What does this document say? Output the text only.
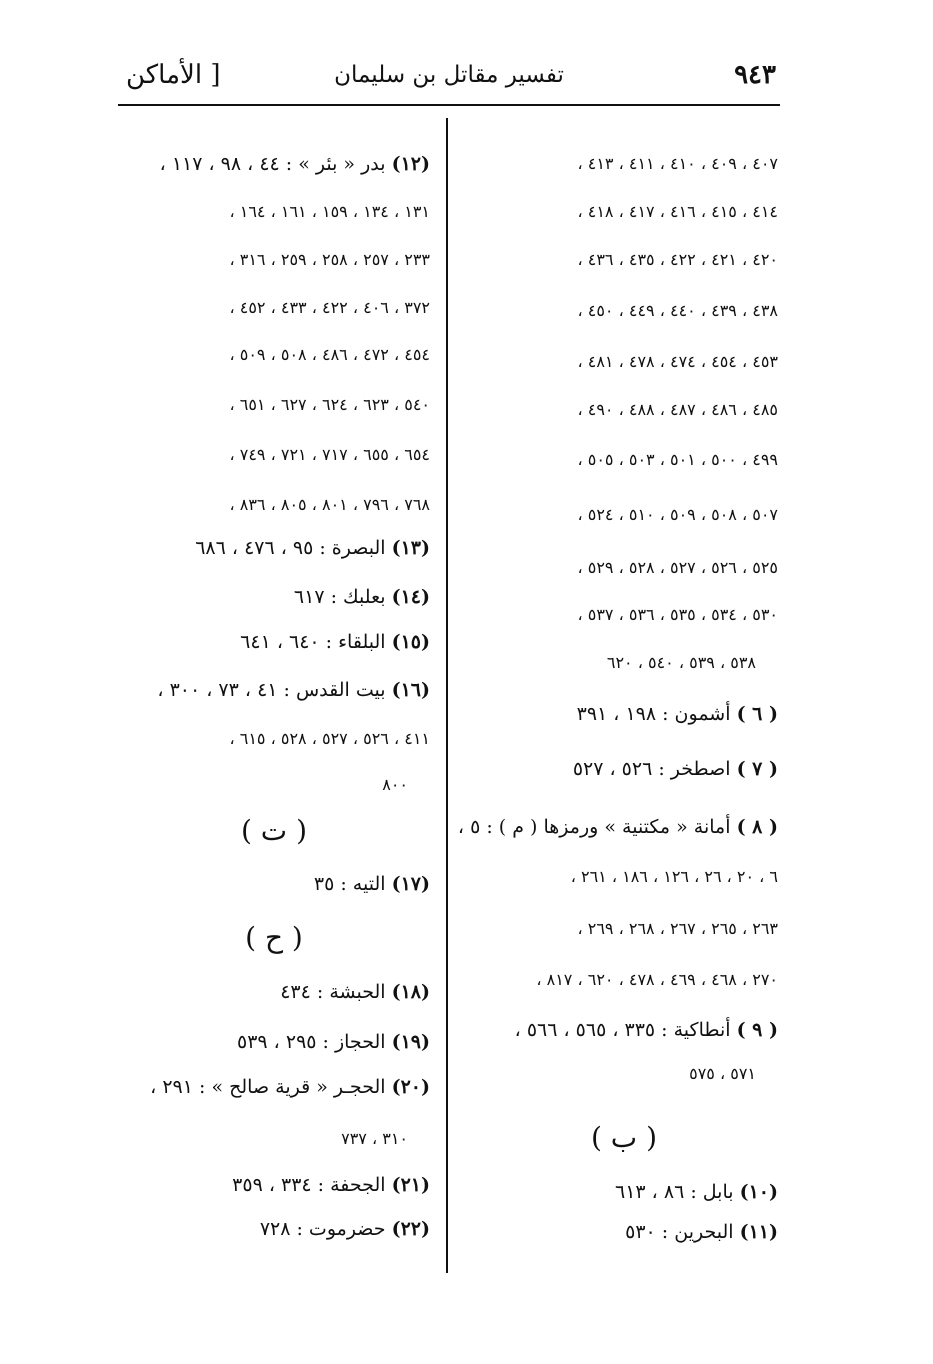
٩٤٣
تفسير مقاتل بن سليمان
[ الأماكن
٤٠٧ ، ٤٠٩ ، ٤١٠ ، ٤١١ ، ٤١٣ ،
٤١٤ ، ٤١٥ ، ٤١٦ ، ٤١٧ ، ٤١٨ ،
٤٢٠ ، ٤٢١ ، ٤٢٢ ، ٤٣٥ ، ٤٣٦ ،
٤٣٨ ، ٤٣٩ ، ٤٤٠ ، ٤٤٩ ، ٤٥٠ ،
٤٥٣ ، ٤٥٤ ، ٤٧٤ ، ٤٧٨ ، ٤٨١ ،
٤٨٥ ، ٤٨٦ ، ٤٨٧ ، ٤٨٨ ، ٤٩٠ ،
٤٩٩ ، ٥٠٠ ، ٥٠١ ، ٥٠٣ ، ٥٠٥ ،
٥٠٧ ، ٥٠٨ ، ٥٠٩ ، ٥١٠ ، ٥٢٤ ،
٥٢٥ ، ٥٢٦ ، ٥٢٧ ، ٥٢٨ ، ٥٢٩ ،
٥٣٠ ، ٥٣٤ ، ٥٣٥ ، ٥٣٦ ، ٥٣٧ ،
٥٣٨ ، ٥٣٩ ، ٥٤٠ ، ٦٢٠
( ٦ ) أشمون : ١٩٨ ، ٣٩١
( ٧ ) اصطخر : ٥٢٦ ، ٥٢٧
( ٨ ) أمانة « مكتنية » ورمزها ( م ) : ٥ ،
٦ ، ٢٠ ، ٢٦ ، ١٢٦ ، ١٨٦ ، ٢٦١ ،
٢٦٣ ، ٢٦٥ ، ٢٦٧ ، ٢٦٨ ، ٢٦٩ ،
٢٧٠ ، ٤٦٨ ، ٤٦٩ ، ٤٧٨ ، ٦٢٠ ، ٨١٧ ،
( ٩ ) أنطاكية : ٣٣٥ ، ٥٦٥ ، ٥٦٦ ،
٥٧١ ، ٥٧٥
( ب )
(١٠) بابل : ٨٦ ، ٦١٣
(١١) البحرين : ٥٣٠
(١٢) بدر « بئر » : ٤٤ ، ٩٨ ، ١١٧ ،
١٣١ ، ١٣٤ ، ١٥٩ ، ١٦١ ، ١٦٤ ،
٢٣٣ ، ٢٥٧ ، ٢٥٨ ، ٢٥٩ ، ٣١٦ ،
٣٧٢ ، ٤٠٦ ، ٤٢٢ ، ٤٣٣ ، ٤٥٢ ،
٤٥٤ ، ٤٧٢ ، ٤٨٦ ، ٥٠٨ ، ٥٠٩ ،
٥٤٠ ، ٦٢٣ ، ٦٢٤ ، ٦٢٧ ، ٦٥١ ،
٦٥٤ ، ٦٥٥ ، ٧١٧ ، ٧٢١ ، ٧٤٩ ،
٧٦٨ ، ٧٩٦ ، ٨٠١ ، ٨٠٥ ، ٨٣٦ ،
(١٣) البصرة : ٩٥ ، ٤٧٦ ، ٦٨٦
(١٤) بعلبك : ٦١٧
(١٥) البلقاء : ٦٤٠ ، ٦٤١
(١٦) بيت القدس : ٤١ ، ٧٣ ، ٣٠٠ ،
٤١١ ، ٥٢٦ ، ٥٢٧ ، ٥٢٨ ، ٦١٥ ،
٨٠٠
( ت )
(١٧) التيه : ٣٥
( ح )
(١٨) الحبشة : ٤٣٤
(١٩) الحجاز : ٢٩٥ ، ٥٣٩
(٢٠) الحجـر « قرية صالح » : ٢٩١ ،
٣١٠ ، ٧٣٧
(٢١) الجحفة : ٣٣٤ ، ٣٥٩
(٢٢) حضرموت : ٧٢٨
